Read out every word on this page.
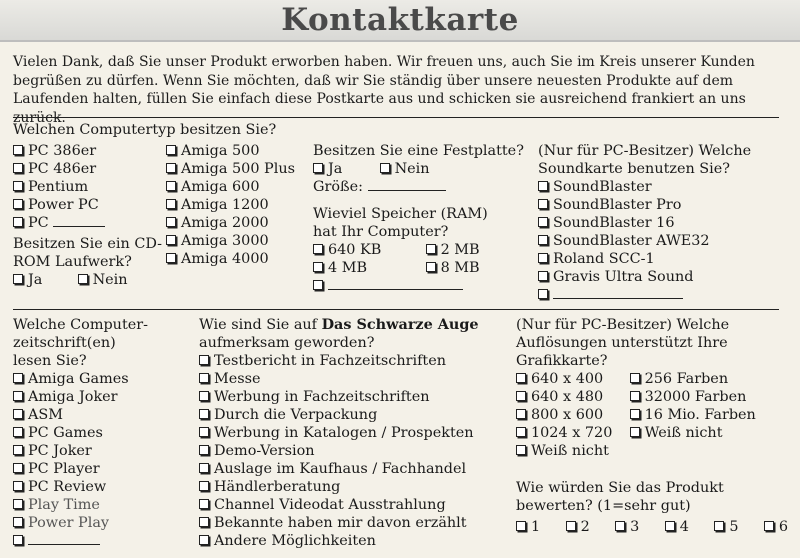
Kontaktkarte
Vielen Dank, daß Sie unser Produkt erworben haben. Wir freuen uns, auch Sie im Kreis unserer Kunden begrüßen zu dürfen. Wenn Sie möchten, daß wir Sie ständig über unsere neuesten Produkte auf dem Laufenden halten, füllen Sie einfach diese Postkarte aus und schicken sie ausreichend frankiert an uns zurück.
Welchen Computertyp besitzen Sie?
PC 386er
PC 486er
Pentium
Power PC
PC
Amiga 500
Amiga 500 Plus
Amiga 600
Amiga 1200
Amiga 2000
Amiga 3000
Amiga 4000
Besitzen Sie ein CD-ROM Laufwerk?
Ja	Nein
Besitzen Sie eine Festplatte?
Ja	Nein
Größe:
Wieviel Speicher (RAM)
hat Ihr Computer?
640 KB	2 MB
4 MB	8 MB
(Nur für PC-Besitzer) Welche
Soundkarte benutzen Sie?
SoundBlaster
SoundBlaster Pro
SoundBlaster 16
SoundBlaster AWE32
Roland SCC-1
Gravis Ultra Sound
Welche Computer-
zeitschrift(en)
lesen Sie?
Amiga Games
Amiga Joker
ASM
PC Games
PC Joker
PC Player
PC Review
Play Time
Power Play
Wie sind Sie auf Das Schwarze Auge
aufmerksam geworden?
Testbericht in Fachzeitschriften
Messe
Werbung in Fachzeitschriften
Durch die Verpackung
Werbung in Katalogen / Prospekten
Demo-Version
Auslage im Kaufhaus / Fachhandel
Händlerberatung
Channel Videodat Ausstrahlung
Bekannte haben mir davon erzählt
Andere Möglichkeiten
(Nur für PC-Besitzer) Welche
Auflösungen unterstützt Ihre
Grafikkarte?
640 x 400	256 Farben
640 x 480	32000 Farben
800 x 600	16 Mio. Farben
1024 x 720 Weiß nicht
Weiß nicht
Wie würden Sie das Produkt
bewerten? (1=sehr gut)
1	2	3	4	5	6
